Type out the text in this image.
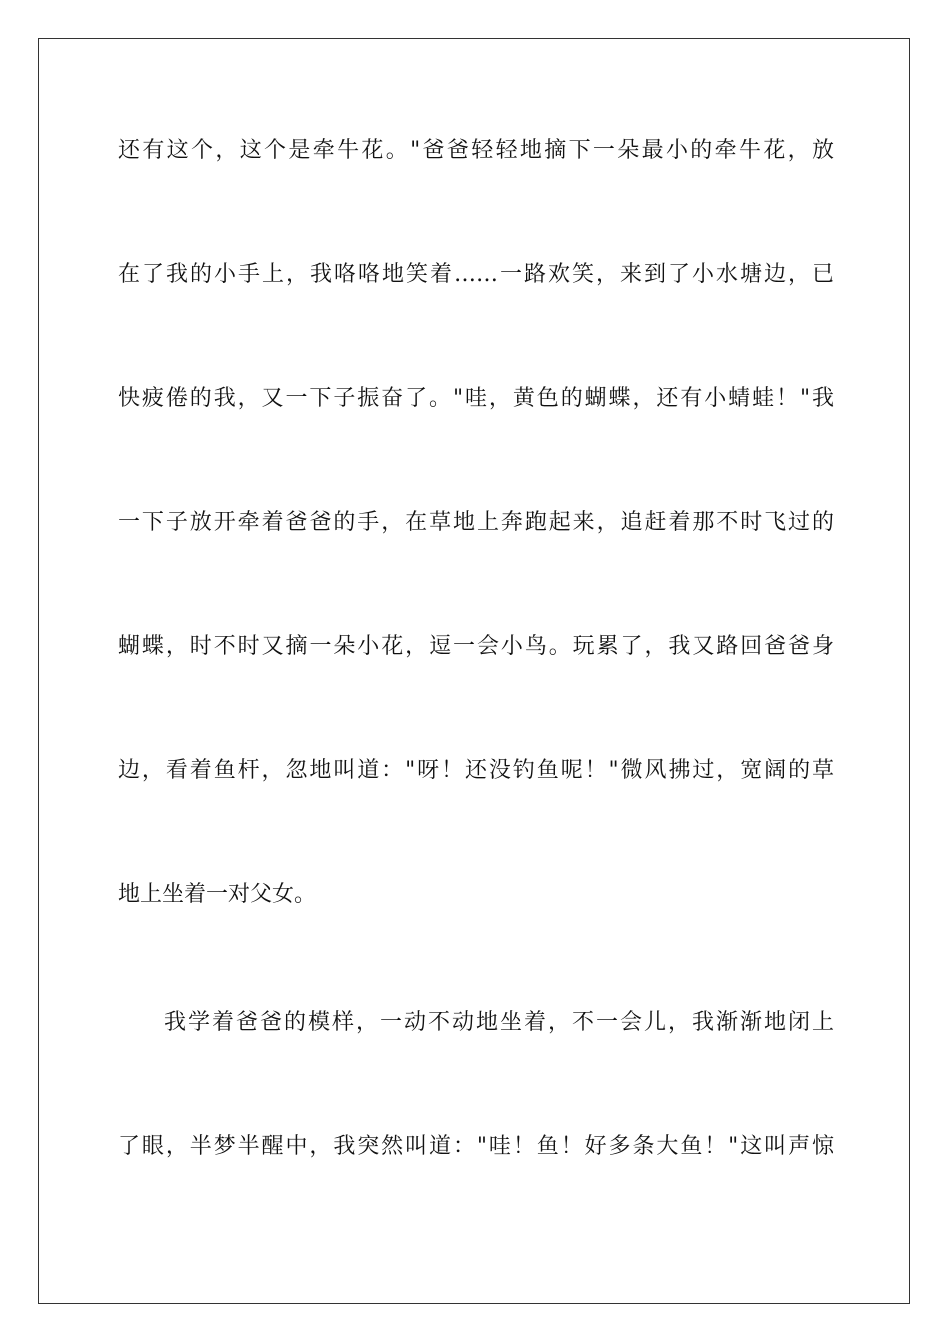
还有这个，这个是牵牛花。"爸爸轻轻地摘下一朵最小的牵牛花，放
在了我的小手上，我咯咯地笑着……一路欢笑，来到了小水塘边，已
快疲倦的我，又一下子振奋了。"哇，黄色的蝴蝶，还有小蜻蛙！"我
一下子放开牵着爸爸的手，在草地上奔跑起来，追赶着那不时飞过的
蝴蝶，时不时又摘一朵小花，逗一会小鸟。玩累了，我又路回爸爸身
边，看着鱼杆，忽地叫道："呀！还没钓鱼呢！"微风拂过，宽阔的草
地上坐着一对父女。
我学着爸爸的模样，一动不动地坐着，不一会儿，我渐渐地闭上
了眼，半梦半醒中，我突然叫道："哇！鱼！好多条大鱼！"这叫声惊
